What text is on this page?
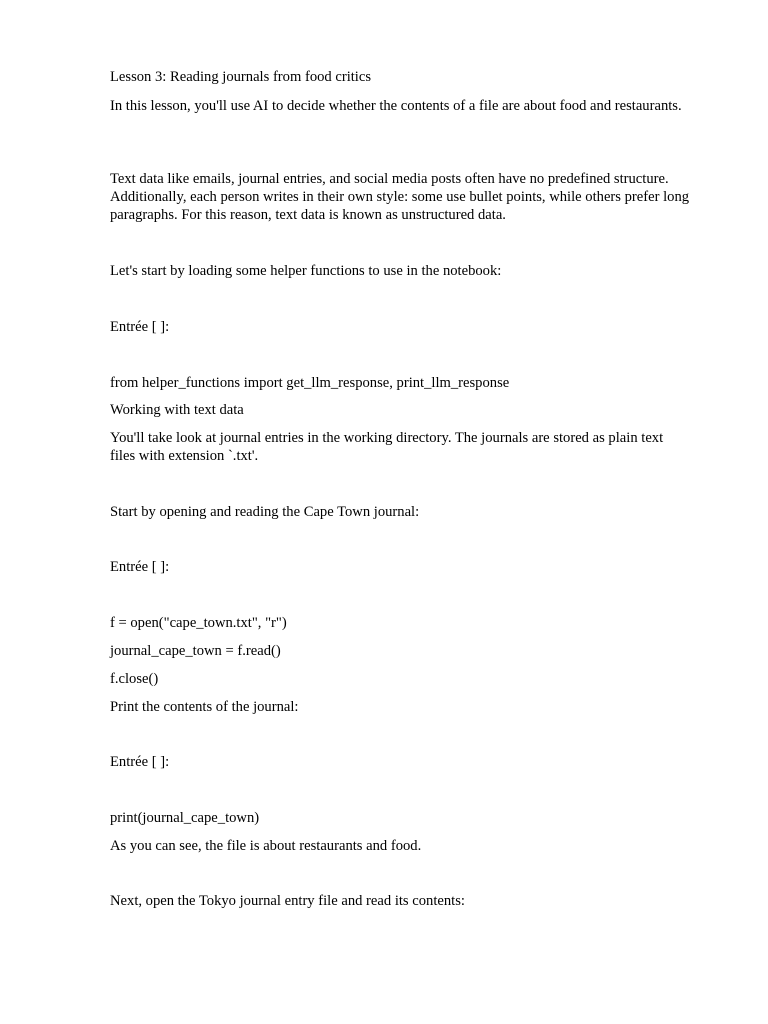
Lesson 3: Reading journals from food critics
In this lesson, you'll use AI to decide whether the contents of a file are about food and restaurants.
Text data like emails, journal entries, and social media posts often have no predefined structure. Additionally, each person writes in their own style: some use bullet points, while others prefer long paragraphs. For this reason, text data is known as unstructured data.
Let's start by loading some helper functions to use in the notebook:
Entrée [ ]:
from helper_functions import get_llm_response, print_llm_response
Working with text data
You'll take look at journal entries in the working directory. The journals are stored as plain text files with extension `.txt'.
Start by opening and reading the Cape Town journal:
Entrée [ ]:
f = open("cape_town.txt", "r")
journal_cape_town = f.read()
f.close()
Print the contents of the journal:
Entrée [ ]:
print(journal_cape_town)
As you can see, the file is about restaurants and food.
Next, open the Tokyo journal entry file and read its contents:
